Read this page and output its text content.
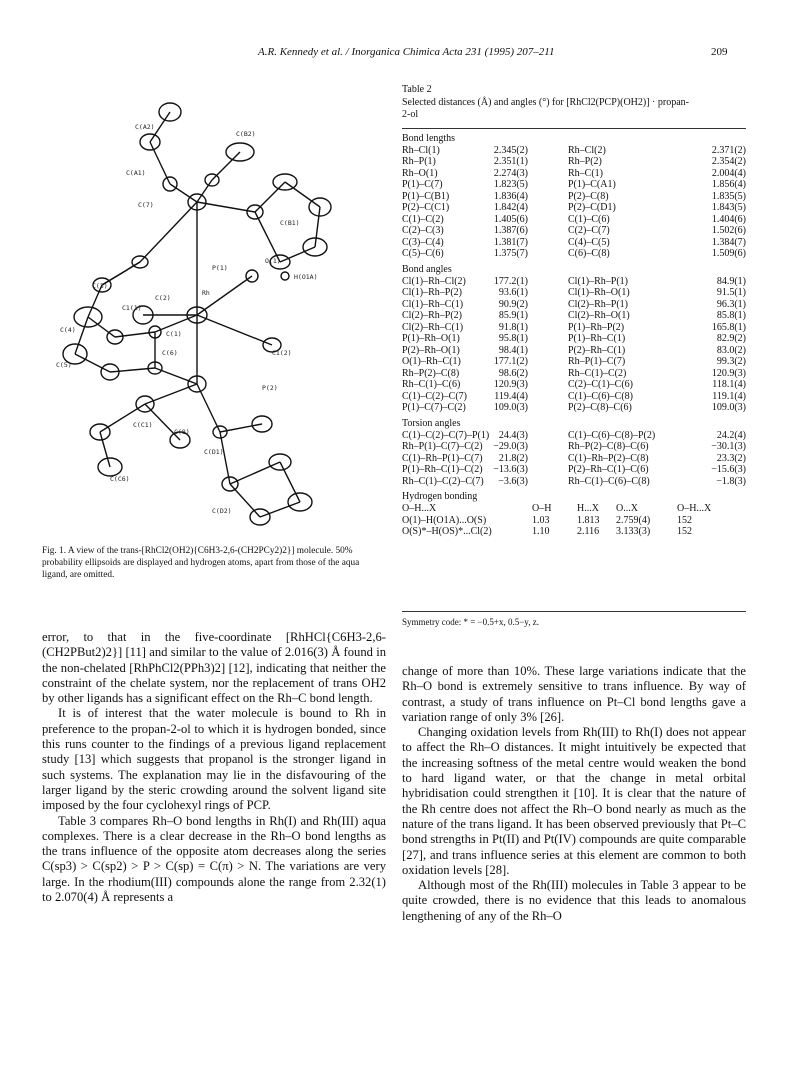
A.R. Kennedy et al. / Inorganica Chimica Acta 231 (1995) 207–211	209
C(A2)
C(B2)
C(A1)
C(7)
C(B1)
P(1)
C(3)
C(2)
O(1)
Rh
H(O1A)
C1(1)
C(4)	C(1)
C(6)	C1(2)
C(5)
P(2)
C(C1)
C(8)
C(D1)
C(C6)
C(D2)
Fig. 1. A view of the trans-[RhCl2(OH2){C6H3-2,6-(CH2PCy2)2}] molecule. 50% probability ellipsoids are displayed and hydrogen atoms, apart from those of the aqua ligand, are omitted.
Table 2
Selected distances (Å) and angles (°) for [RhCl2(PCP)(OH2)] · propan-
2-ol
Bond lengths
Rh–Cl(1)	2.345(2)	Rh–Cl(2)	2.371(2)
Rh–P(1)	2.351(1)	Rh–P(2)	2.354(2)
Rh–O(1)	2.274(3)	Rh–C(1)	2.004(4)
P(1)–C(7)	1.823(5)	P(1)–C(A1)	1.856(4)
P(1)–C(B1)	1.836(4)	P(2)–C(8)	1.835(5)
P(2)–C(C1)	1.842(4)	P(2)–C(D1)	1.843(5)
C(1)–C(2)	1.405(6)	C(1)–C(6)	1.404(6)
C(2)–C(3)	1.387(6)	C(2)–C(7)	1.502(6)
C(3)–C(4)	1.381(7)	C(4)–C(5)	1.384(7)
C(5)–C(6)	1.375(7)	C(6)–C(8)	1.509(6)
Bond angles
Cl(1)–Rh–Cl(2)	177.2(1)	Cl(1)–Rh–P(1)	84.9(1)
Cl(1)–Rh–P(2)	93.6(1)	Cl(1)–Rh–O(1)	91.5(1)
Cl(1)–Rh–C(1)	90.9(2)	Cl(2)–Rh–P(1)	96.3(1)
Cl(2)–Rh–P(2)	85.9(1)	Cl(2)–Rh–O(1)	85.8(1)
Cl(2)–Rh–C(1)	91.8(1)	P(1)–Rh–P(2)	165.8(1)
P(1)–Rh–O(1)	95.8(1)	P(1)–Rh–C(1)	82.9(2)
P(2)–Rh–O(1)	98.4(1)	P(2)–Rh–C(1)	83.0(2)
O(1)–Rh–C(1)	177.1(2)	Rh–P(1)–C(7)	99.3(2)
Rh–P(2)–C(8)	98.6(2)	Rh–C(1)–C(2)	120.9(3)
Rh–C(1)–C(6)	120.9(3)	C(2)–C(1)–C(6)	118.1(4)
C(1)–C(2)–C(7)	119.4(4)	C(1)–C(6)–C(8)	119.1(4)
P(1)–C(7)–C(2)	109.0(3)	P(2)–C(8)–C(6)	109.0(3)
Torsion angles
C(1)–C(2)–C(7)–P(1) 24.4(3)	C(1)–C(6)–C(8)–P(2)	24.2(4)
Rh–P(1)–C(7)–C(2) −29.0(3)	Rh–P(2)–C(8)–C(6)	−30.1(3)
C(1)–Rh–P(1)–C(7) 21.8(2)	C(1)–Rh–P(2)–C(8)	23.3(2)
P(1)–Rh–C(1)–C(2) −13.6(3)	P(2)–Rh–C(1)–C(6)	−15.6(3)
Rh–C(1)–C(2)–C(7) −3.6(3)	Rh–C(1)–C(6)–C(8)	−1.8(3)
Hydrogen bonding
O–H...X	O–H	H...X O...X	O–H...X
O(1)–H(O1A)...O(S)	1.03	1.813 2.759(4)	152
O(S)*–H(OS)*...Cl(2)	1.10	2.116 3.133(3)	152
Symmetry code: * = −0.5+x, 0.5−y, z.

error, to that in the five-coordinate [RhHCl{C6H3-2,6-(CH2PBut2)2}] [11] and similar to the value of 2.016(3) Å found in the non-chelated [RhPhCl2(PPh3)2] [12], indicating that neither the constraint of the chelate system, nor the replacement of trans OH2 by other ligands has a significant effect on the Rh–C bond length.

It is of interest that the water molecule is bound to Rh in preference to the propan-2-ol to which it is hydrogen bonded, since this runs counter to the findings of a previous ligand replacement study [13] which suggests that propanol is the stronger ligand in such systems. The explanation may lie in the disfavouring of the larger ligand by the steric crowding around the solvent ligand site imposed by the four cyclohexyl rings of PCP.

Table 3 compares Rh–O bond lengths in Rh(I) and Rh(III) aqua complexes. There is a clear decrease in the Rh–O bond lengths as the trans influence of the opposite atom decreases along the series C(sp3) > C(sp2) > P > C(sp) = C(π) > N. The variations are very large. In the rhodium(III) compounds alone the range from 2.32(1) to 2.070(4) Å represents a

change of more than 10%. These large variations indicate that the Rh–O bond is extremely sensitive to trans influence. By way of contrast, a study of trans influence on Pt–Cl bond lengths gave a variation range of only 3% [26].

Changing oxidation levels from Rh(III) to Rh(I) does not appear to affect the Rh–O distances. It might intuitively be expected that the increasing softness of the metal centre would weaken the bond to hard ligand water, or that the change in metal orbital hybridisation could strengthen it [10]. It is clear that the nature of the Rh centre does not affect the Rh–O bond nearly as much as the nature of the trans ligand. It has been observed previously that Pt–C bond strengths in Pt(II) and Pt(IV) compounds are quite comparable [27], and trans influence series at this element are common to both oxidation levels [28].

Although most of the Rh(III) molecules in Table 3 appear to be quite crowded, there is no evidence that this leads to anomalous lengthening of any of the Rh–O
